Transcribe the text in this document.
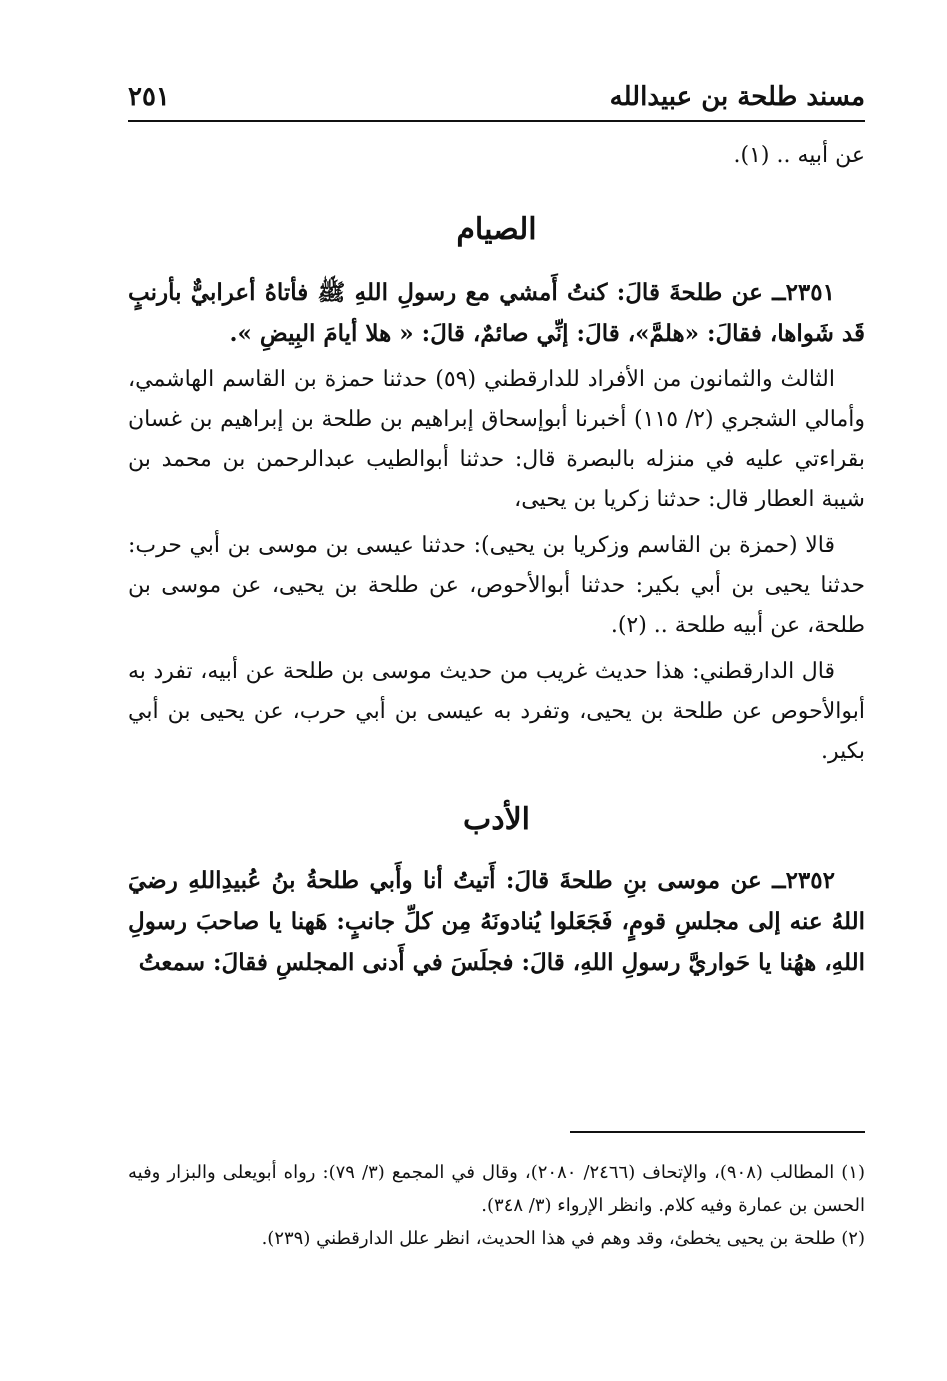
مسند طلحة بن عبيدالله
٢٥١

عن أبيه .. (١).

الصيام

٢٣٥١ــ عن طلحةَ قالَ: كنتُ أَمشي مع رسولِ اللهِ ﷺ فأتاهُ أعرابيٌّ بأرنبٍ قَد شَواها، فقالَ: «هلمَّ»، قالَ: إنِّي صائمٌ، قالَ: « هلا أيامَ البِيضِ ».

الثالث والثمانون من الأفراد للدارقطني (٥٩) حدثنا حمزة بن القاسم الهاشمي، وأمالي الشجري (٢/ ١١٥) أخبرنا أبوإسحاق إبراهيم بن طلحة بن إبراهيم بن غسان بقراءتي عليه في منزله بالبصرة قال: حدثنا أبوالطيب عبدالرحمن بن محمد بن شيبة العطار قال: حدثنا زكريا بن يحيى،

قالا (حمزة بن القاسم وزكريا بن يحيى): حدثنا عيسى بن موسى بن أبي حرب: حدثنا يحيى بن أبي بكير: حدثنا أبوالأحوص، عن طلحة بن يحيى، عن موسى بن طلحة، عن أبيه طلحة .. (٢).

قال الدارقطني: هذا حديث غريب من حديث موسى بن طلحة عن أبيه، تفرد به أبوالأحوص عن طلحة بن يحيى، وتفرد به عيسى بن أبي حرب، عن يحيى بن أبي بكير.

الأدب

٢٣٥٢ــ عن موسى بنِ طلحةَ قالَ: أَتيتُ أنا وأَبي طلحةُ بنُ عُبيدِاللهِ رضيَ اللهُ عنه إلى مجلسِ قومٍ، فَجَعَلوا يُنادونَهُ مِن كلِّ جانبٍ: هَهنا يا صاحبَ رسولِ اللهِ، ههُنا يا حَواريَّ رسولِ اللهِ، قالَ: فجلَسَ في أَدنى المجلسِ فقالَ: سمعتُ

(١) المطالب (٩٠٨)، والإتحاف (٢٤٦٦/ ٢٠٨٠)، وقال في المجمع (٣/ ٧٩): رواه أبويعلى والبزار وفيه الحسن بن عمارة وفيه كلام. وانظر الإرواء (٣/ ٣٤٨).

(٢) طلحة بن يحيى يخطئ، وقد وهم في هذا الحديث، انظر علل الدارقطني (٢٣٩).
